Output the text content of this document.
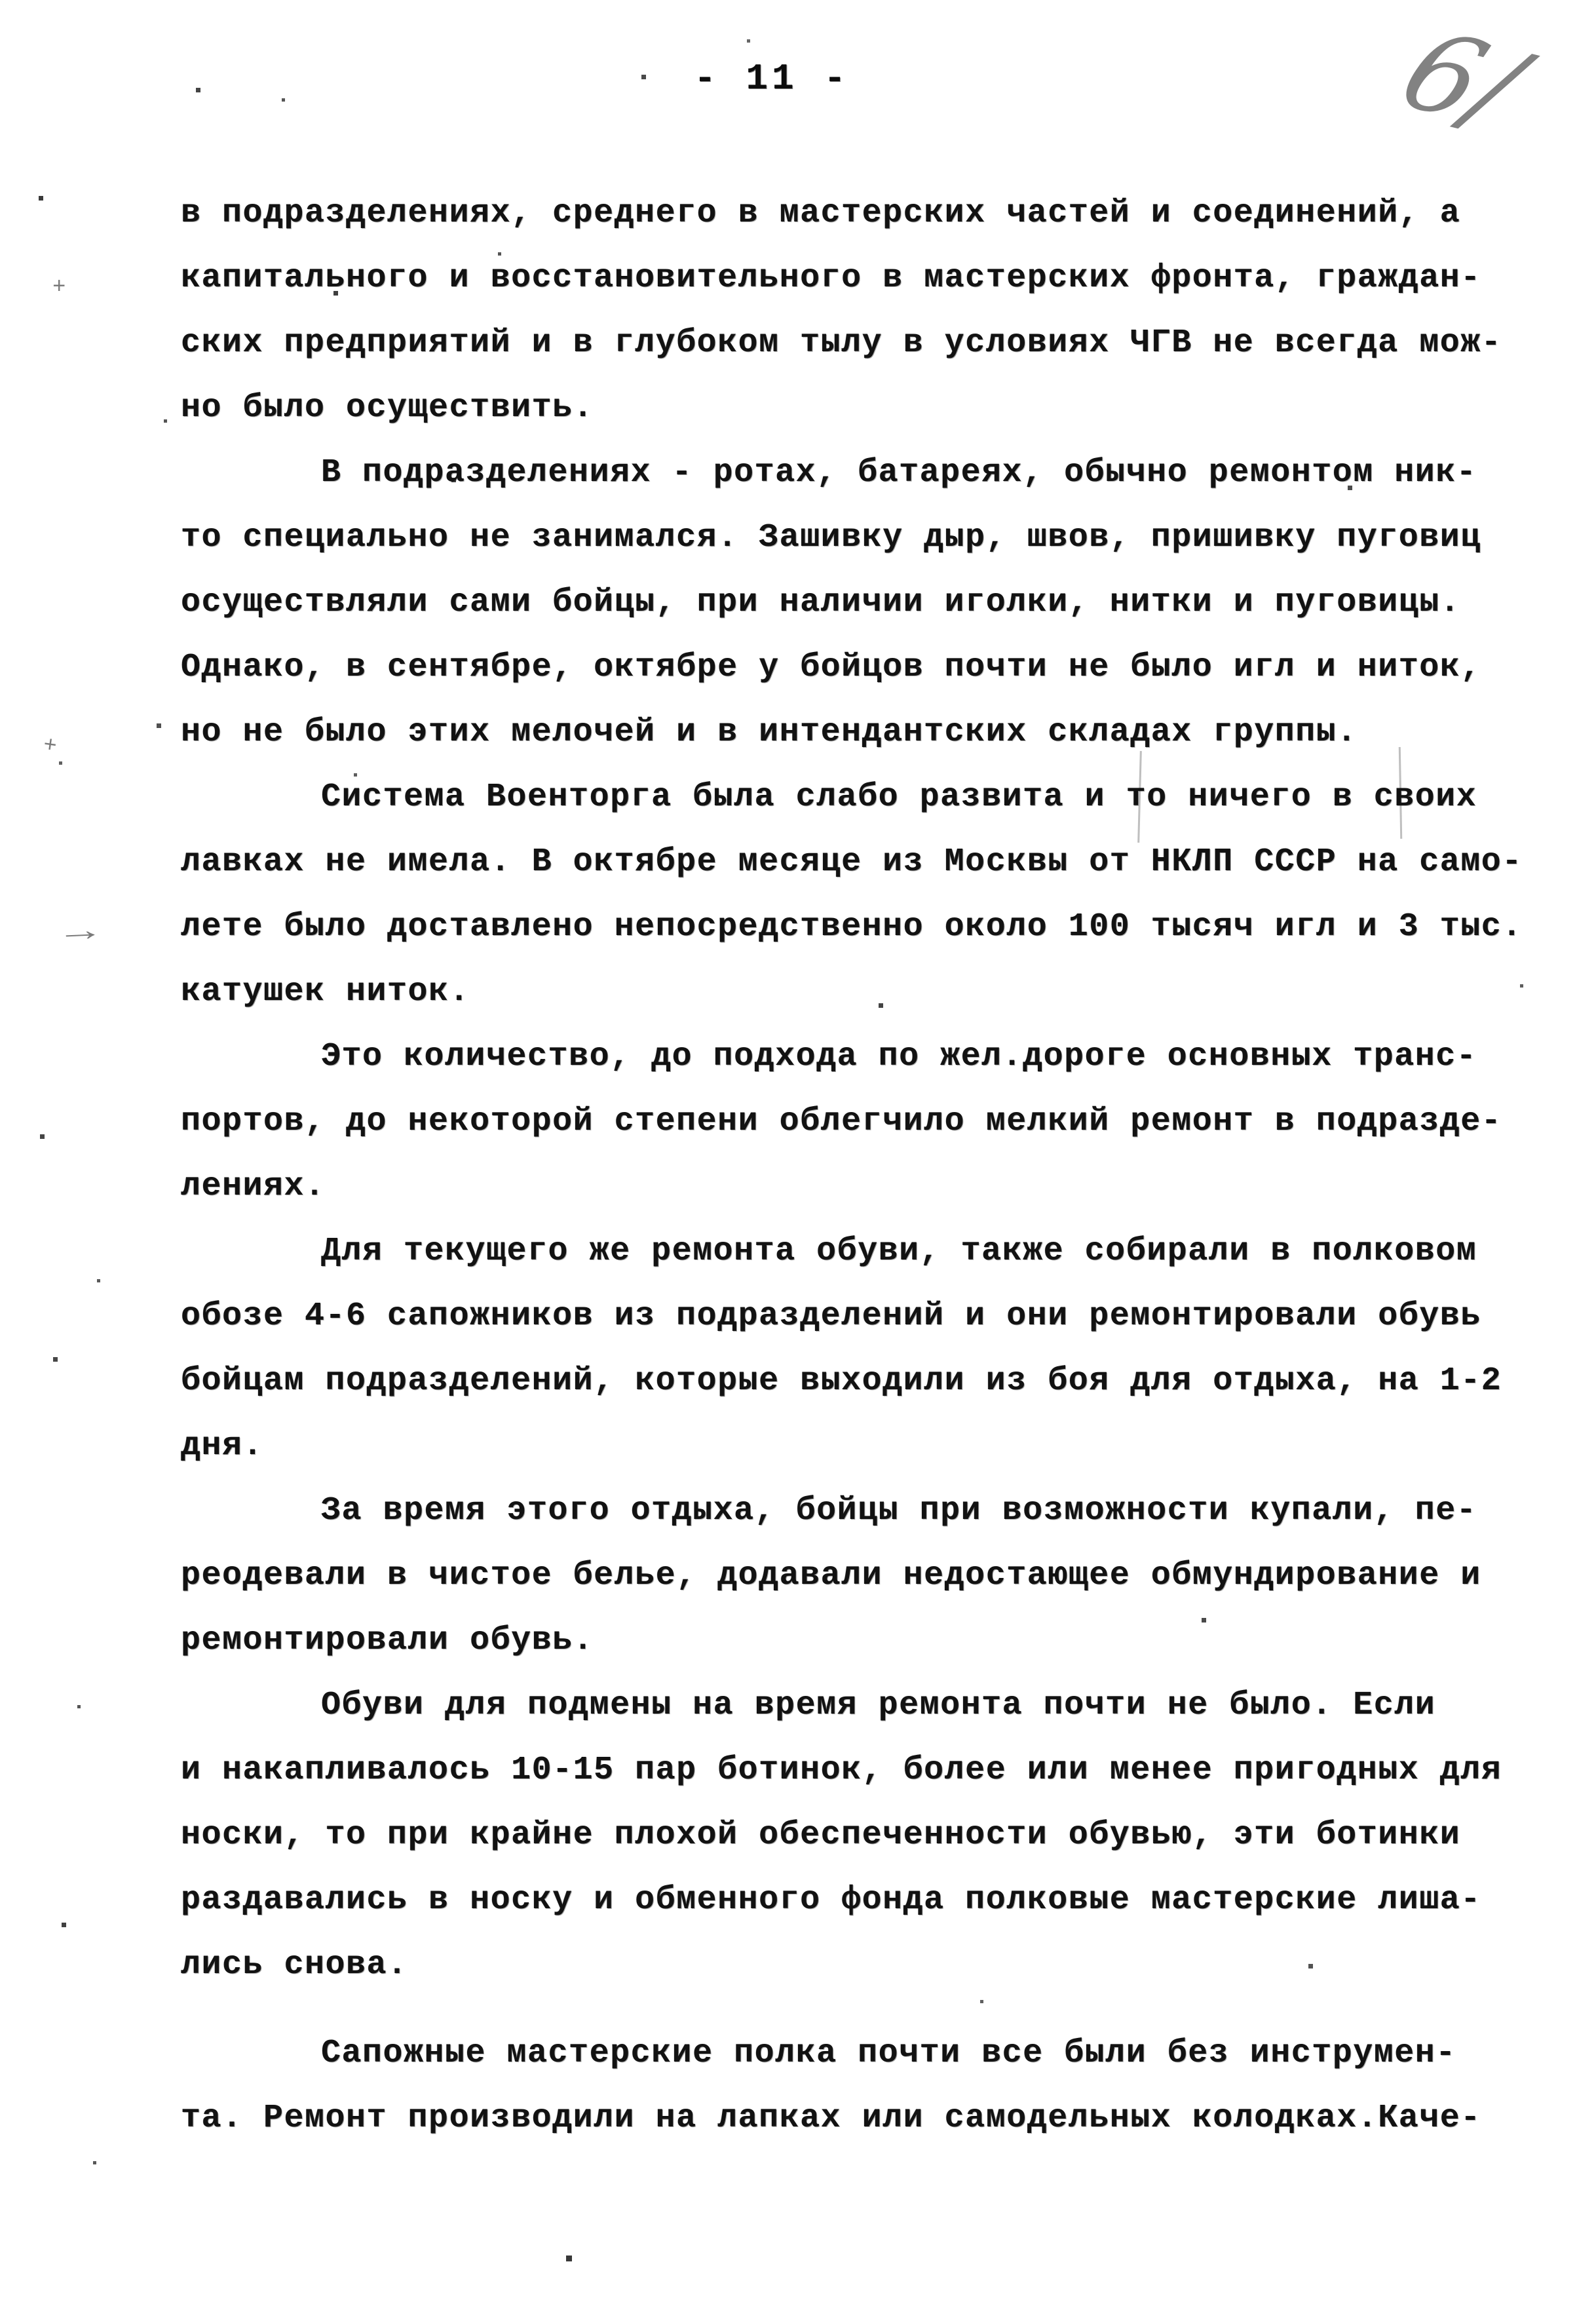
- 11 -	6/
→
+
+
в подразделениях, среднего в мастерских частей и соединений, а
капитального и восстановительного в мастерских фронта, граждан-
ских предприятий и в глубоком тылу в условиях ЧГВ не всегда мож-
но было осуществить.
В подразделениях - ротах, батареях, обычно ремонтом ник-
то специально не занимался. Зашивку дыр, швов, пришивку пуговиц
осуществляли сами бойцы, при наличии иголки, нитки и пуговицы.
Однако, в сентябре, октябре у бойцов почти не было игл и ниток,
но не было этих мелочей и в интендантских складах группы.
Система Военторга была слабо развита и то ничего в своих
лавках не имела. В октябре месяце из Москвы от НКЛП СССР на само-
лете было доставлено непосредственно около 100 тысяч игл и 3 тыс.
катушек ниток.
Это количество, до подхода по жел.дороге основных транс-
портов, до некоторой степени облегчило мелкий ремонт в подразде-
лениях.
Для текущего же ремонта обуви, также собирали в полковом
обозе 4-6 сапожников из подразделений и они ремонтировали обувь
бойцам подразделений, которые выходили из боя для отдыха, на 1-2
дня.
За время этого отдыха, бойцы при возможности купали, пе-
реодевали в чистое белье, додавали недостающее обмундирование и
ремонтировали обувь.
Обуви для подмены на время ремонта почти не было. Если
и накапливалось 10-15 пар ботинок, более или менее пригодных для
носки, то при крайне плохой обеспеченности обувью, эти ботинки
раздавались в носку и обменного фонда полковые мастерские лиша-
лись снова.
Сапожные мастерские полка почти все были без инструмен-
та. Ремонт производили на лапках или самодельных колодках.Каче-
